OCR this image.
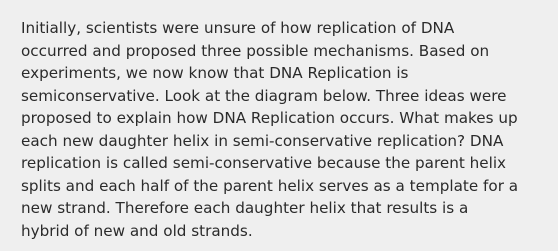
Initially, scientists were unsure of how replication of DNA
occurred and proposed three possible mechanisms. Based on
experiments, we now know that DNA Replication is
semiconservative. Look at the diagram below. Three ideas were
proposed to explain how DNA Replication occurs. What makes up
each new daughter helix in semi-conservative replication? DNA
replication is called semi-conservative because the parent helix
splits and each half of the parent helix serves as a template for a
new strand. Therefore each daughter helix that results is a
hybrid of new and old strands.
